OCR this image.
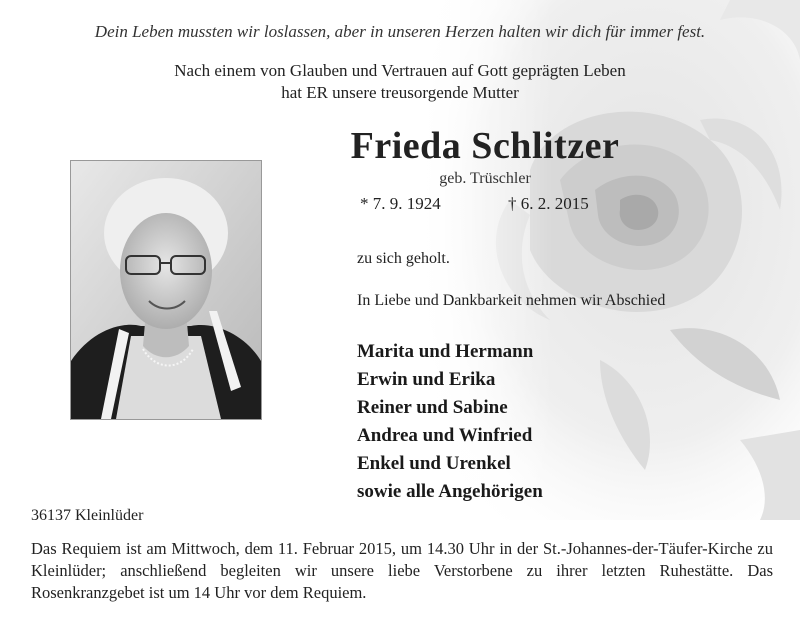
Dein Leben mussten wir loslassen, aber in unseren Herzen halten wir dich für immer fest.
Nach einem von Glauben und Vertrauen auf Gott geprägten Leben
hat ER unsere treusorgende Mutter
Frieda Schlitzer
geb. Trüschler
* 7. 9. 1924	† 6. 2. 2015
zu sich geholt.
In Liebe und Dankbarkeit nehmen wir Abschied
Marita und Hermann
Erwin und Erika
Reiner und Sabine
Andrea und Winfried
Enkel und Urenkel
sowie alle Angehörigen
36137 Kleinlüder
Das Requiem ist am Mittwoch, dem 11. Februar 2015, um 14.30 Uhr in der St.-Johannes-der-Täufer-Kirche zu Kleinlüder; anschließend begleiten wir unsere liebe Verstorbene zu ihrer letzten Ruhestätte. Das Rosenkranzgebet ist um 14 Uhr vor dem Requiem.
